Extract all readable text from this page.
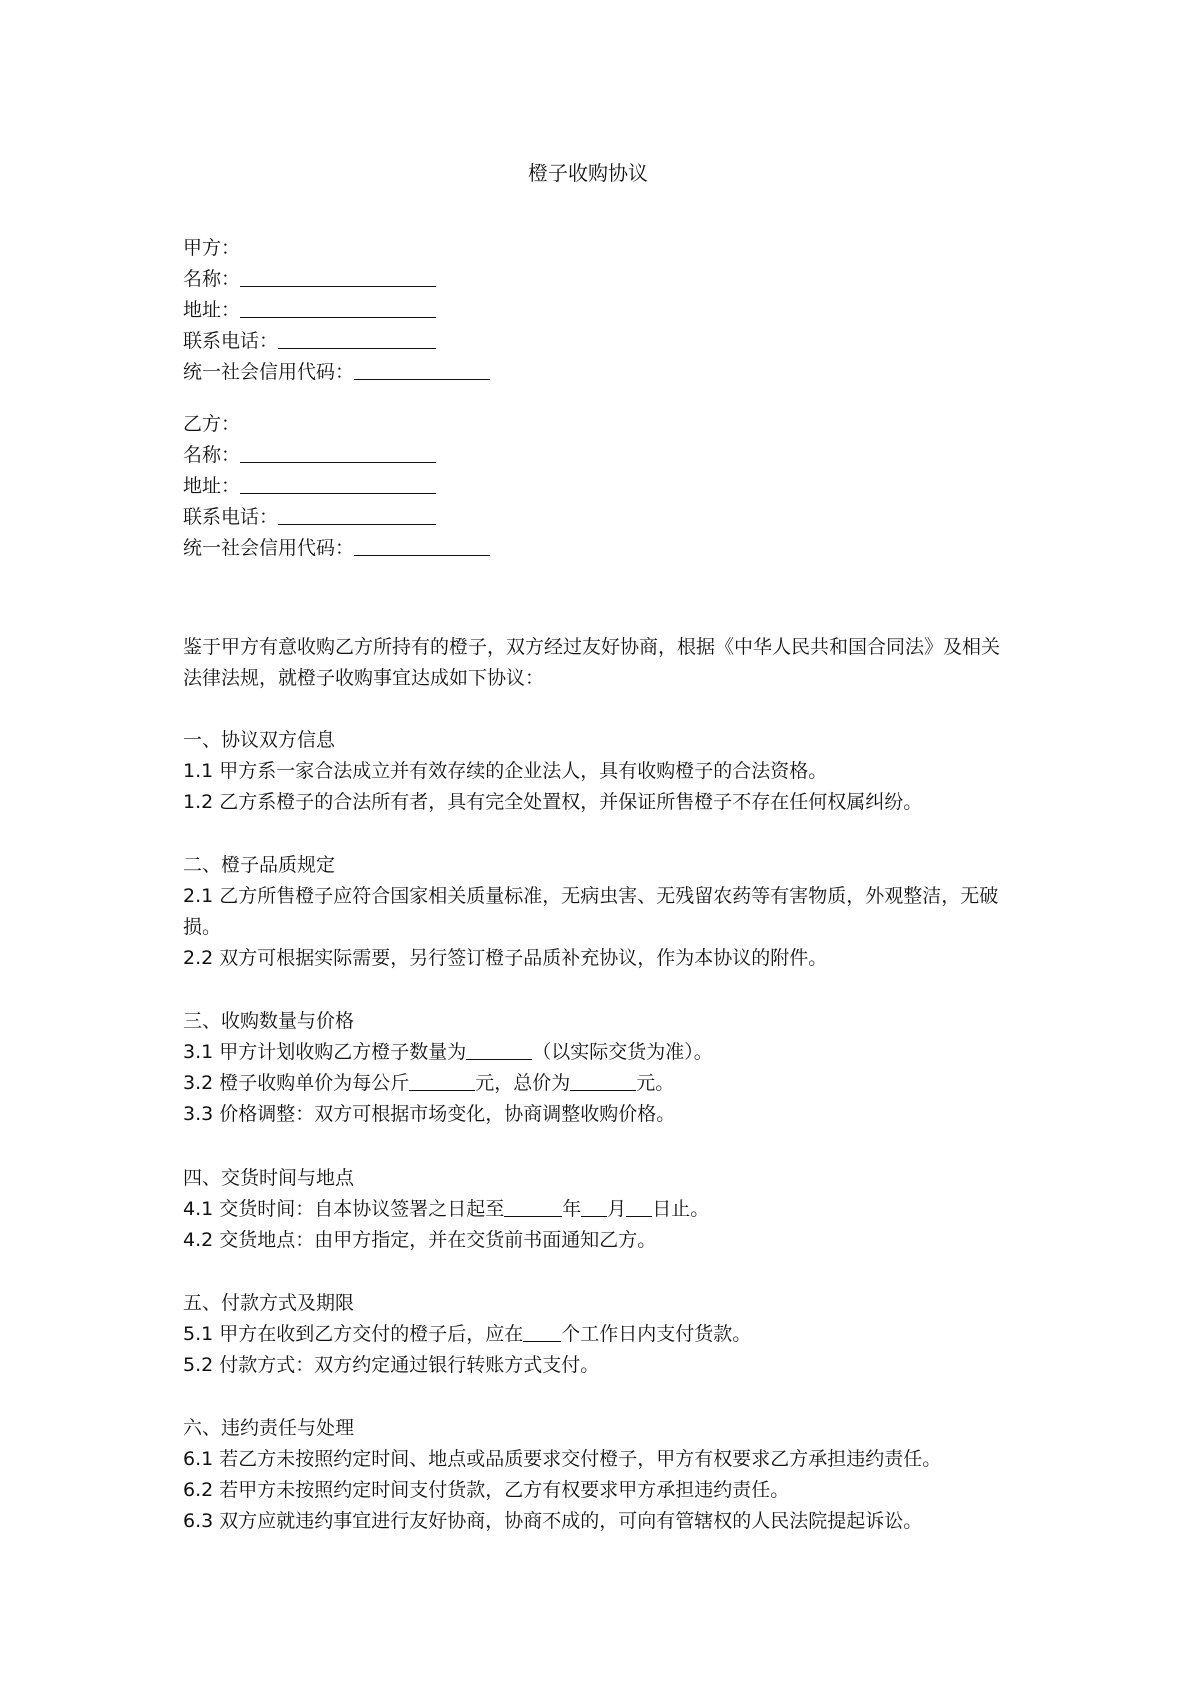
橙子收购协议
甲方：
名称：
地址：
联系电话：
统一社会信用代码：
乙方：
名称：
地址：
联系电话：
统一社会信用代码：
鉴于甲方有意收购乙方所持有的橙子，双方经过友好协商，根据《中华人民共和国合同法》及相关法律法规，就橙子收购事宜达成如下协议：
一、协议双方信息
1.1 甲方系一家合法成立并有效存续的企业法人，具有收购橙子的合法资格。
1.2 乙方系橙子的合法所有者，具有完全处置权，并保证所售橙子不存在任何权属纠纷。
二、橙子品质规定
2.1 乙方所售橙子应符合国家相关质量标准，无病虫害、无残留农药等有害物质，外观整洁，无破损。
2.2 双方可根据实际需要，另行签订橙子品质补充协议，作为本协议的附件。
三、收购数量与价格
3.1 甲方计划收购乙方橙子数量为	（以实际交货为准）。
3.2 橙子收购单价为每公斤	元，总价为	元。
3.3 价格调整：双方可根据市场变化，协商调整收购价格。
四、交货时间与地点
4.1 交货时间：自本协议签署之日起至	年 月 日止。
4.2 交货地点：由甲方指定，并在交货前书面通知乙方。
五、付款方式及期限
5.1 甲方在收到乙方交付的橙子后，应在 个工作日内支付货款。
5.2 付款方式：双方约定通过银行转账方式支付。
六、违约责任与处理
6.1 若乙方未按照约定时间、地点或品质要求交付橙子，甲方有权要求乙方承担违约责任。
6.2 若甲方未按照约定时间支付货款，乙方有权要求甲方承担违约责任。
6.3 双方应就违约事宜进行友好协商，协商不成的，可向有管辖权的人民法院提起诉讼。
